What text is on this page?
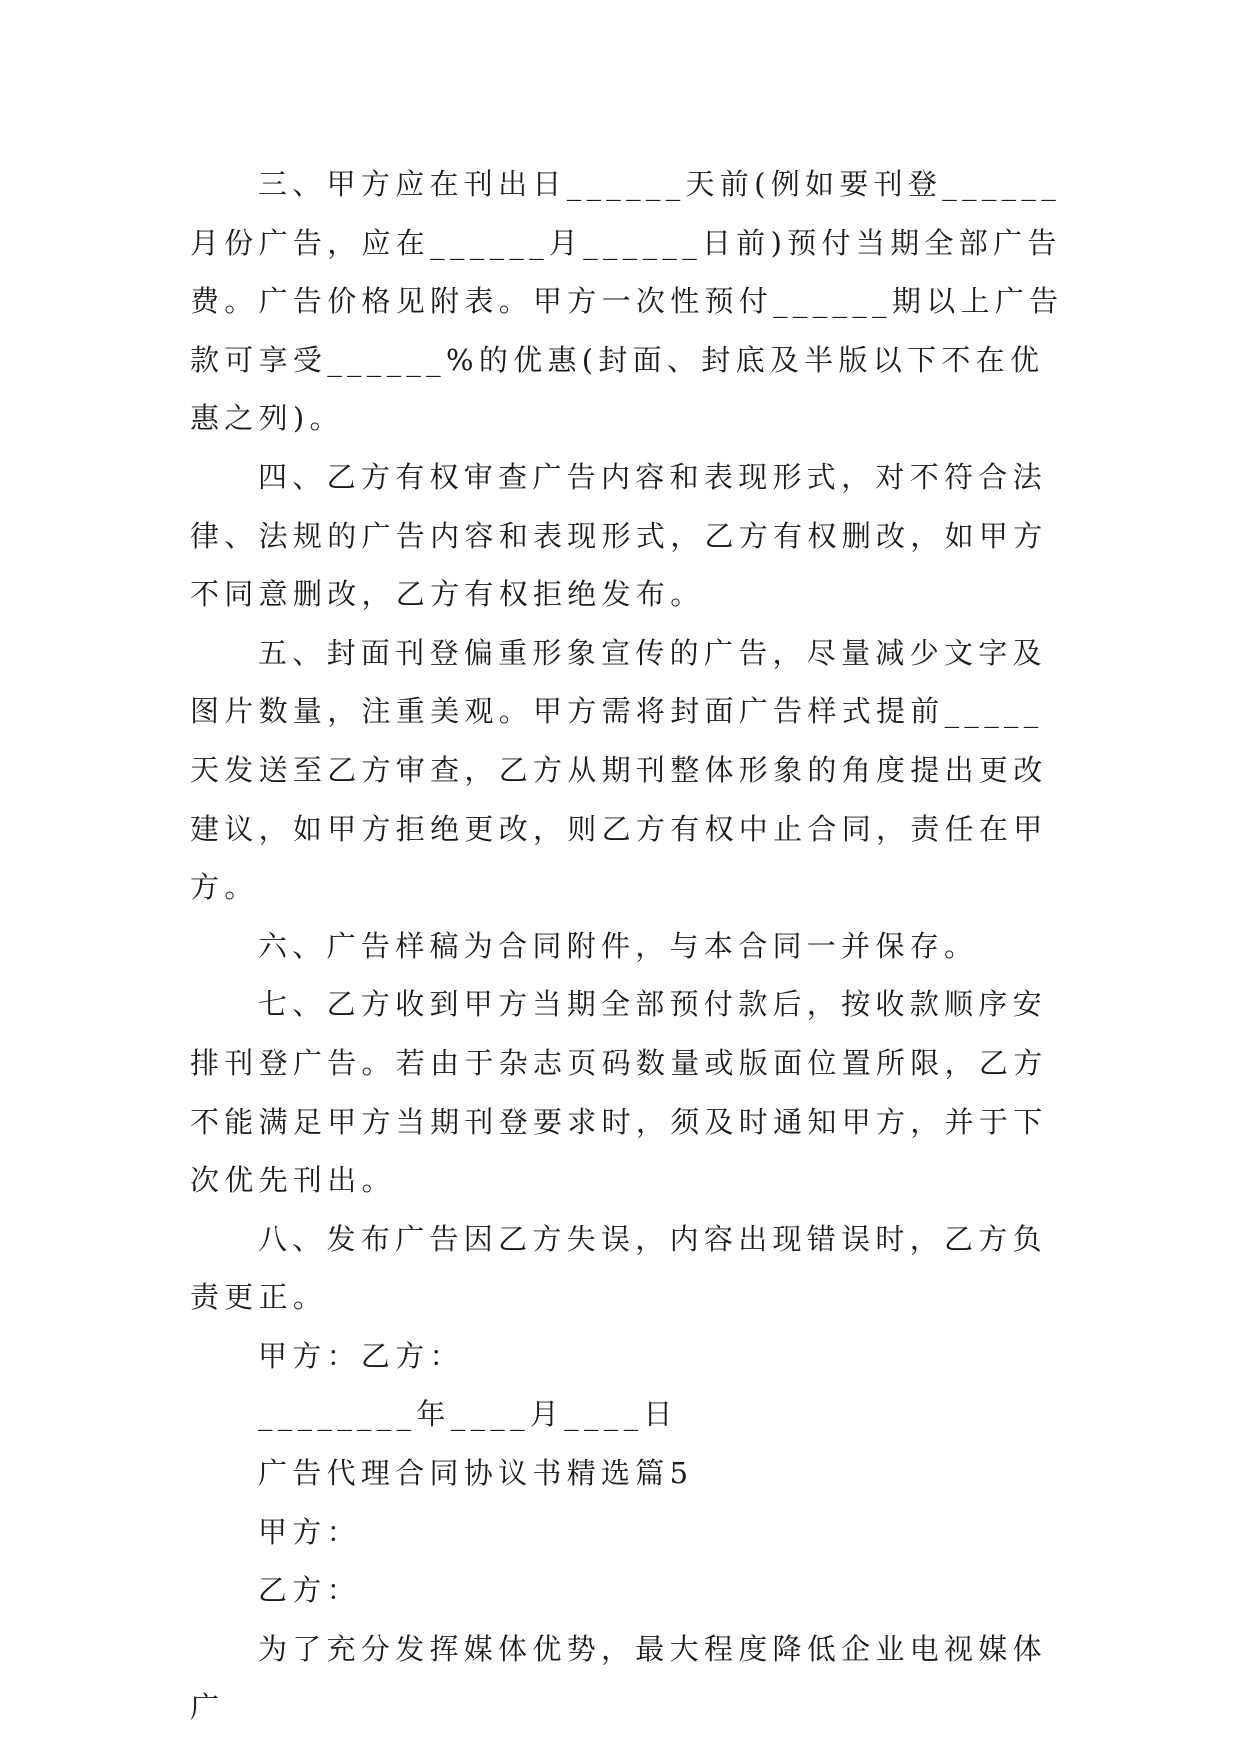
三、甲方应在刊出日______天前(例如要刊登______月份广告，应在______月______日前)预付当期全部广告费。广告价格见附表。甲方一次性预付______期以上广告款可享受______%的优惠(封面、封底及半版以下不在优惠之列)。

四、乙方有权审查广告内容和表现形式，对不符合法律、法规的广告内容和表现形式，乙方有权删改，如甲方不同意删改，乙方有权拒绝发布。

五、封面刊登偏重形象宣传的广告，尽量减少文字及图片数量，注重美观。甲方需将封面广告样式提前_____天发送至乙方审查，乙方从期刊整体形象的角度提出更改建议，如甲方拒绝更改，则乙方有权中止合同，责任在甲方。

六、广告样稿为合同附件，与本合同一并保存。

七、乙方收到甲方当期全部预付款后，按收款顺序安排刊登广告。若由于杂志页码数量或版面位置所限，乙方不能满足甲方当期刊登要求时，须及时通知甲方，并于下次优先刊出。

八、发布广告因乙方失误，内容出现错误时，乙方负责更正。

甲方：乙方：

________年____月____日

广告代理合同协议书精选篇5

甲方：

乙方：

为了充分发挥媒体优势，最大程度降低企业电视媒体广
